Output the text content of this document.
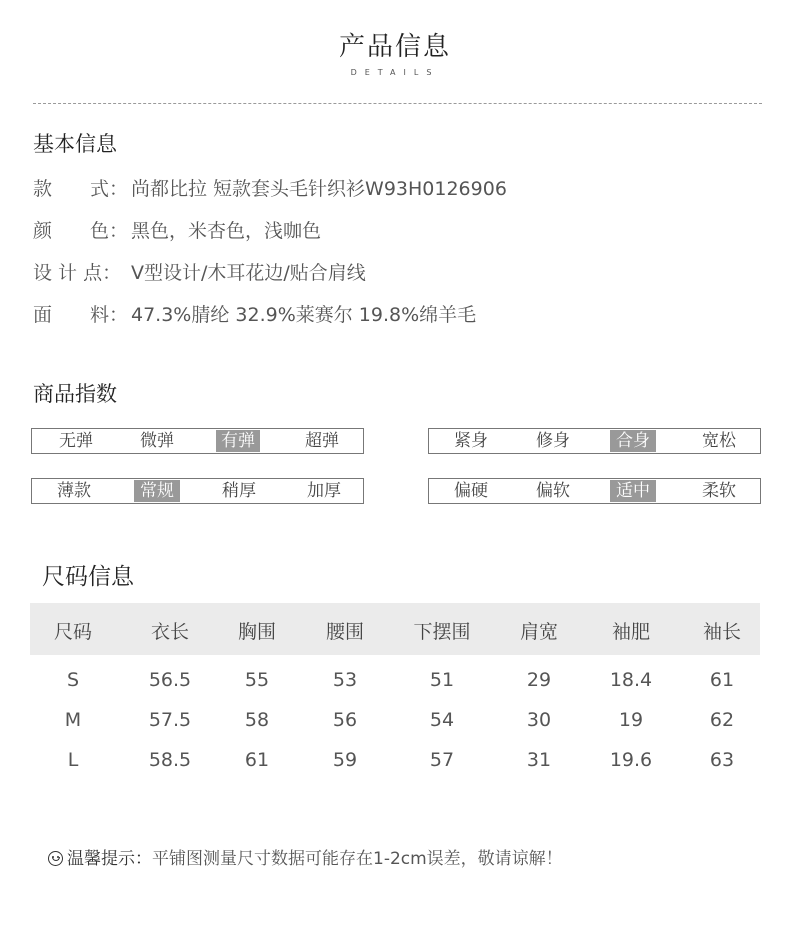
产品信息
DETAILS
基本信息
款　　式： 尚都比拉 短款套头毛针织衫W93H0126906
颜　　色： 黑色，米杏色，浅咖色
设 计 点： V型设计/木耳花边/贴合肩线
面　　料： 47.3%腈纶 32.9%莱赛尔 19.8%绵羊毛
商品指数
无弹	微弹	有弹	超弹	紧身	修身	合身	宽松
薄款	常规	稍厚	加厚	偏硬	偏软	适中	柔软
尺码信息
尺码	衣长	胸围	腰围	下摆围	肩宽	袖肥	袖长
S	56.5	55	53	51	29	18.4	61
M	57.5	58	56	54	30	19	62
L	58.5	61	59	57	31	19.6	63
温馨提示：平铺图测量尺寸数据可能存在1-2cm误差，敬请谅解！
